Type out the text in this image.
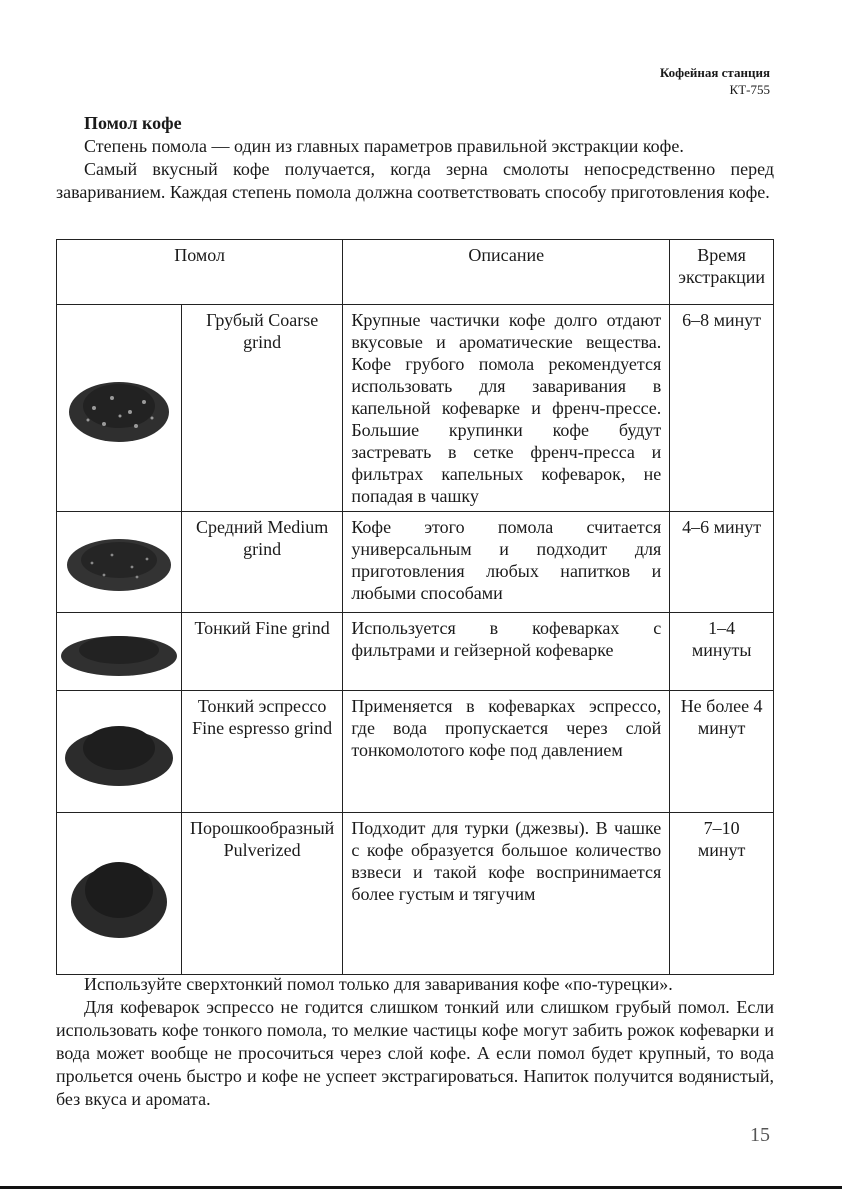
Кофейная станция
КТ-755
Помол кофе

Степень помола — один из главных параметров правильной экстракции кофе.

Самый вкусный кофе получается, когда зерна смолоты непосредственно перед завариванием. Каждая степень помола должна соответствовать способу приготовления кофе.

Помол		Описание	Время экстракции

	Грубый Coarse grind	Крупные частички кофе долго отдают вкусовые и ароматические вещества. Кофе грубого помола рекомендуется использовать для заваривания в капельной кофеварке и френч-прессе. Большие крупинки кофе будут застревать в сетке френч-пресса и фильтрах капельных кофеварок, не попадая в чашку	6–8 минут

	Средний Medium grind	Кофе этого помола считается универсальным и подходит для приготовления любых напитков и любыми способами	4–6 минут

	Тонкий Fine grind	Используется в кофеварках с фильтрами и гейзерной кофеварке	1–4 минуты

	Тонкий эспрессо Fine espresso grind	Применяется в кофеварках эспрессо, где вода пропускается через слой тонкомолотого кофе под давлением	Не более 4 минут

	Порошкообразный Pulverized	Подходит для турки (джезвы). В чашке с кофе образуется большое количество взвеси и такой кофе воспринимается более густым и тягучим	7–10 минут

Используйте сверхтонкий помол только для заваривания кофе «по-турецки».

Для кофеварок эспрессо не годится слишком тонкий или слишком грубый помол. Если использовать кофе тонкого помола, то мелкие частицы кофе могут забить рожок кофеварки и вода может вообще не просочиться через слой кофе. А если помол будет крупный, то вода прольется очень быстро и кофе не успеет экстрагироваться. Напиток получится водянистый, без вкуса и аромата.

15
